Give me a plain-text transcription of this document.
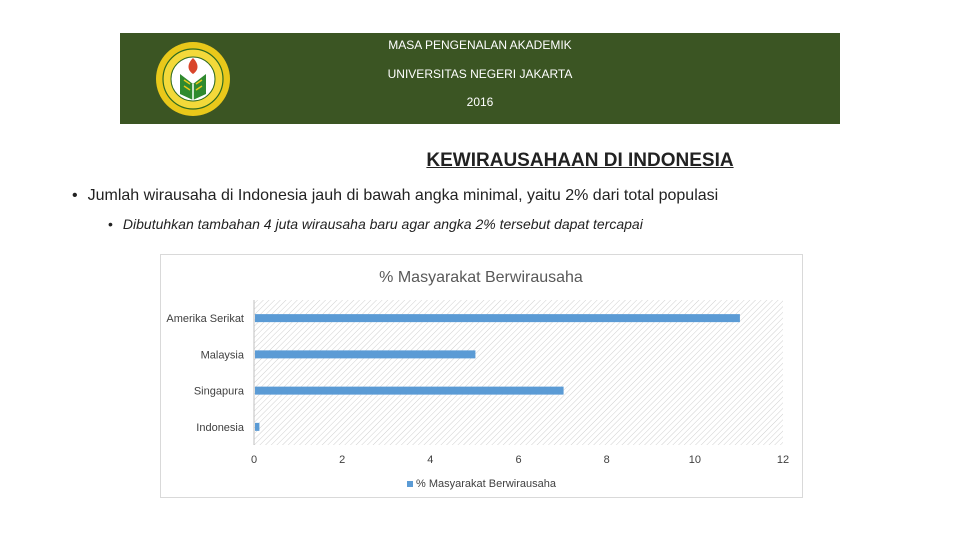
MASA PENGENALAN AKADEMIK
UNIVERSITAS NEGERI JAKARTA
2016
KEWIRAUSAHAAN DI INDONESIA
• Jumlah wirausaha di Indonesia jauh di bawah angka minimal, yaitu 2% dari total populasi
• Dibutuhkan tambahan 4 juta wirausaha baru agar angka 2% tersebut dapat tercapai
% Masyarakat Berwirausaha
Amerika Serikat
Malaysia
Singapura
Indonesia
0	2	4	6	8	10	12
% Masyarakat Berwirausaha
